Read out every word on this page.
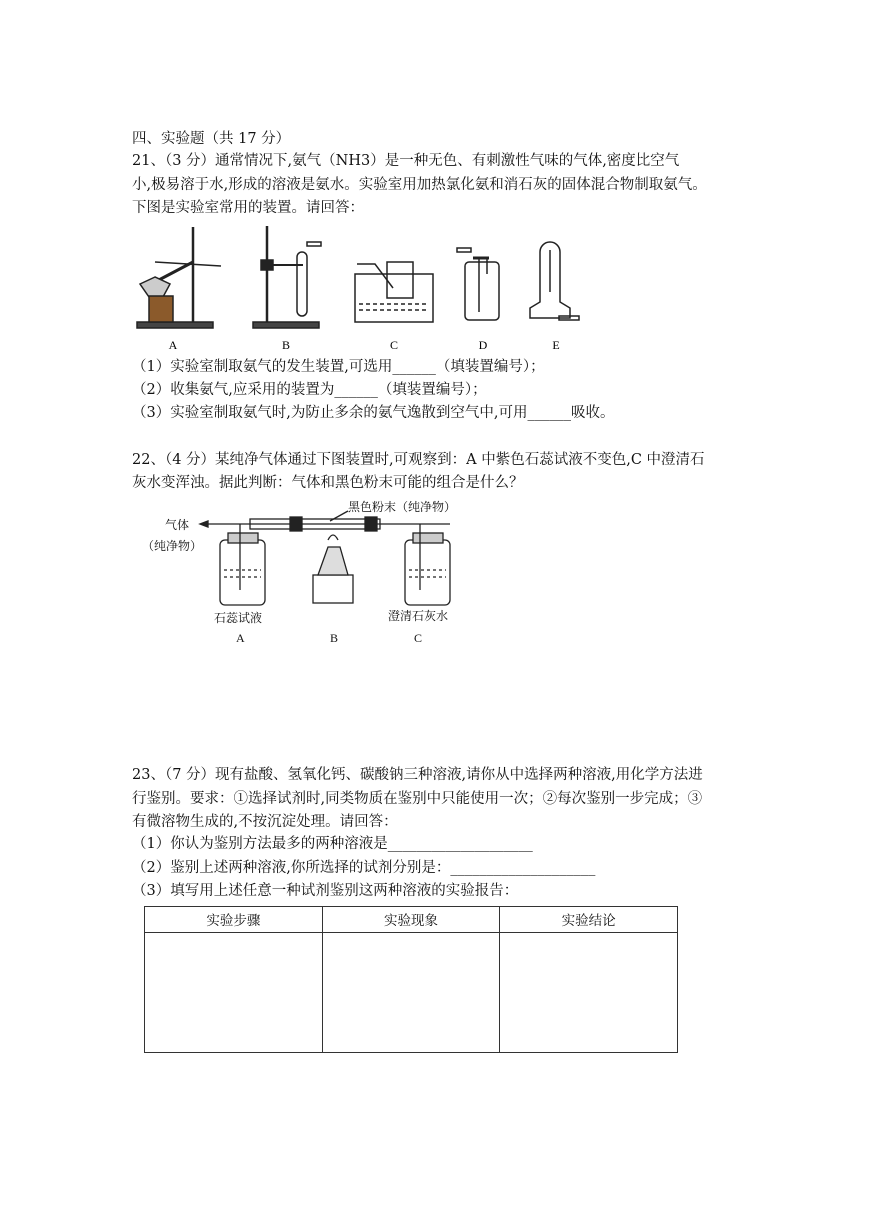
四、实验题（共 17 分）
21、（3 分）通常情况下,氨气（NH3）是一种无色、有刺激性气味的气体,密度比空气
小,极易溶于水,形成的溶液是氨水。实验室用加热氯化氨和消石灰的固体混合物制取氨气。
下图是实验室常用的装置。请回答：
A	B	C	D	E
（1）实验室制取氨气的发生装置,可选用______（填装置编号）；
（2）收集氨气,应采用的装置为______（填装置编号）；
（3）实验室制取氨气时,为防止多余的氨气逸散到空气中,可用______吸收。
22、（4 分）某纯净气体通过下图装置时,可观察到：A 中紫色石蕊试液不变色,C 中澄清石
灰水变浑浊。据此判断：气体和黑色粉末可能的组合是什么？
气体
（纯净物）
黑色粉末（纯净物）
石蕊试液	澄清石灰水
A	B	C
23、（7 分）现有盐酸、氢氧化钙、碳酸钠三种溶液,请你从中选择两种溶液,用化学方法进
行鉴别。要求：①选择试剂时,同类物质在鉴别中只能使用一次；②每次鉴别一步完成；③
有微溶物生成的,不按沉淀处理。请回答：
（1）你认为鉴别方法最多的两种溶液是____________________
（2）鉴别上述两种溶液,你所选择的试剂分别是：____________________
（3）填写用上述任意一种试剂鉴别这两种溶液的实验报告：
实验步骤	实验现象	实验结论
